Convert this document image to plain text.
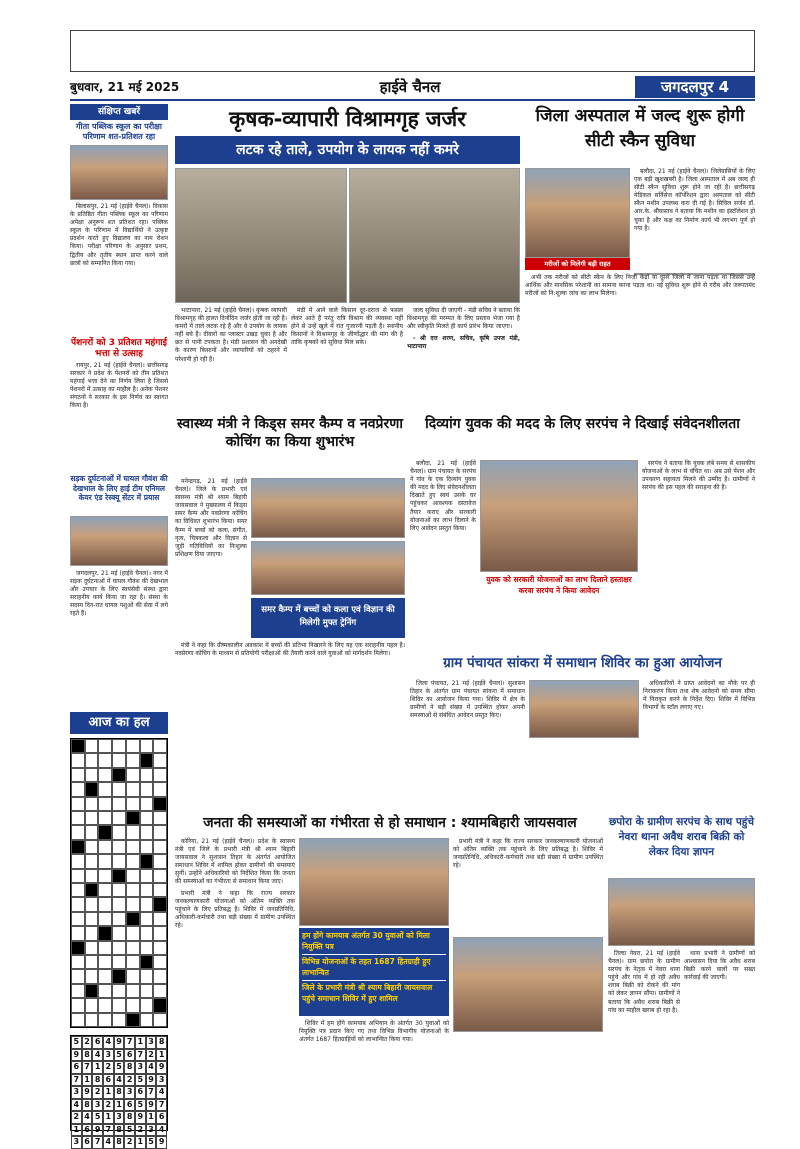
बुधवार, 21 मई 2025	हाईवे चैनल	जगदलपुर 4
संक्षिप्त खबरें
गीता पब्लिक स्कूल का परीक्षा परिणाम शत-प्रतिशत रहा

बिलासपुर, 21 मई (हाईवे चैनल)। विकास के प्रतिष्ठित गीता पब्लिक स्कूल का परिणाम अपेक्षा अनुरूप शत प्रतिशत रहा। पब्लिक स्कूल के परिणाम में विद्यार्थियों ने उत्कृष्ट प्रदर्शन करते हुए विद्यालय का नाम रोशन किया। परीक्षा परिणाम के अनुसार प्रथम, द्वितीय और तृतीय स्थान प्राप्त करने वाले छात्रों को सम्मानित किया गया।

पेंशनरों को 3 प्रतिशत महंगाई भत्ता से उत्साह

रायपुर, 21 मई (हाईवे चैनल)। छत्तीसगढ़ सरकार ने प्रदेश के पेंशनरों को तीन प्रतिशत महंगाई भत्ता देने का निर्णय लिया है जिससे पेंशनरों में उत्साह का माहौल है। अनेक पेंशनर संगठनों ने सरकार के इस निर्णय का स्वागत किया है।

सड़क दुर्घटनाओं में घायल गौवंश की देखभाल के लिए हाई टीम एनिमल केयर एंड रेस्क्यू सेंटर में प्रयास

जगदलपुर, 21 मई (हाईवे चैनल)। नगर में सड़क दुर्घटनाओं में घायल गौवंश की देखभाल और उपचार के लिए स्वयंसेवी संस्था द्वारा सराहनीय कार्य किया जा रहा है। संस्था के सदस्य दिन-रात घायल पशुओं की सेवा में लगे रहते हैं।

आज का हल
5 2 6 4 9 7 1 3 8
9 8 4 3 5 6 7 2 1
6 7 1 2 5 8 3 4 9
7 1 8 6 4 2 5 9 3
3 9 2 1 8 3 6 7 4
4 8 3 2 1 6 5 9 7
2 4 5 1 3 8 9 1 6
1 6 9 7 8 5 2 3 4
3 6 7 4 8 2 1 5 9
कृषक-व्यापारी विश्रामगृह जर्जर
लटक रहे ताले, उपयोग के लायक नहीं कमरे

भाटापारा, 21 मई (हाईवे चैनल)। कृषक व्यापारी विश्रामगृह की हालत दिनोंदिन जर्जर होती जा रही है। कमरों में ताले लटक रहे हैं और वे उपयोग के लायक नहीं बचे हैं। दीवारों का प्लास्टर उखड़ चुका है और छत से पानी टपकता है। मंडी प्रशासन की अनदेखी के कारण किसानों और व्यापारियों को ठहरने में परेशानी हो रही है।

मंडी में आने वाले किसान दूर-दराज से फसल लेकर आते हैं परंतु रात्रि विश्राम की व्यवस्था नहीं होने से उन्हें खुले में रात गुजारनी पड़ती है। स्थानीय किसानों ने विश्रामगृह के जीर्णोद्धार की मांग की है ताकि कृषकों को सुविधा मिल सके।

जल्द सुविधा दी जाएगी - मंडी सचिव ने बताया कि विश्रामगृह की मरम्मत के लिए प्रस्ताव भेजा गया है और स्वीकृति मिलते ही कार्य प्रारंभ किया जाएगा।

- श्री दत्त शरण, सचिव, कृषि उपज मंडी, भाटापारा

जिला अस्पताल में जल्द शुरू होगी सीटी स्कैन सुविधा
मरीजों को मिलेगी बड़ी राहत

बलौदा, 21 मई (हाईवे चैनल)। जिलेवासियों के लिए एक बड़ी खुशखबरी है। जिला अस्पताल में अब जल्द ही सीटी स्कैन सुविधा शुरू होने जा रही है। छत्तीसगढ़ मेडिकल सर्विसेज कॉर्पोरेशन द्वारा अस्पताल को सीटी स्कैन मशीन उपलब्ध करा दी गई है। सिविल सर्जन डॉ. आर.के. श्रीवास्तव ने बताया कि मशीन का इंस्टॉलेशन हो चुका है और कक्ष का निर्माण कार्य भी लगभग पूर्ण हो गया है।

अभी तक मरीजों को सीटी स्कैन के लिए निजी केंद्रों या दूसरे जिलों में जाना पड़ता था जिससे उन्हें आर्थिक और मानसिक परेशानी का सामना करना पड़ता था। नई सुविधा शुरू होने से गरीब और जरूरतमंद मरीजों को नि:शुल्क जांच का लाभ मिलेगा।

स्वास्थ्य मंत्री ने किड्स समर कैम्प व नवप्रेरणा कोचिंग का किया शुभारंभ

मनेन्द्रगढ़, 21 मई (हाईवे चैनल)। जिले के प्रभारी एवं स्वास्थ्य मंत्री श्री श्याम बिहारी जायसवाल ने मुख्यालय में किड्स समर कैम्प और नवप्रेरणा कोचिंग का विधिवत शुभारंभ किया। समर कैम्प में बच्चों को कला, संगीत, नृत्य, चित्रकला और विज्ञान से जुड़ी गतिविधियों का निःशुल्क प्रशिक्षण दिया जाएगा।

समर कैम्प में बच्चों को कला एवं विज्ञान की मिलेगी मुफ्त ट्रेनिंग

मंत्री ने कहा कि ग्रीष्मकालीन अवकाश में बच्चों की प्रतिभा निखारने के लिए यह एक सराहनीय पहल है। नवप्रेरणा कोचिंग के माध्यम से प्रतियोगी परीक्षाओं की तैयारी करने वाले युवाओं को मार्गदर्शन मिलेगा।

दिव्यांग युवक की मदद के लिए सरपंच ने दिखाई संवेदनशीलता

बलौदा, 21 मई (हाईवे चैनल)। ग्राम पंचायत के सरपंच ने गांव के एक दिव्यांग युवक की मदद के लिए संवेदनशीलता दिखाते हुए स्वयं उसके घर पहुंचकर आवश्यक दस्तावेज तैयार कराए और सरकारी योजनाओं का लाभ दिलाने के लिए आवेदन प्रस्तुत किया।

युवक को सरकारी योजनाओं का लाभ दिलाने हस्ताक्षर करवा सरपंच ने किया आवेदन

सरपंच ने बताया कि युवक लंबे समय से शासकीय योजनाओं के लाभ से वंचित था। अब उसे पेंशन और उपकरण सहायता मिलने की उम्मीद है। ग्रामीणों ने सरपंच की इस पहल की सराहना की है।

ग्राम पंचायत सांकरा में समाधान शिविर का हुआ आयोजन

जिला पंचायत, 21 मई (हाईवे चैनल)। सुशासन तिहार के अंतर्गत ग्राम पंचायत सांकरा में समाधान शिविर का आयोजन किया गया। शिविर में क्षेत्र के ग्रामीणों ने बड़ी संख्या में उपस्थित होकर अपनी समस्याओं से संबंधित आवेदन प्रस्तुत किए।

अधिकारियों ने प्राप्त आवेदनों का मौके पर ही निराकरण किया तथा शेष आवेदनों को समय सीमा में निराकृत करने के निर्देश दिए। शिविर में विभिन्न विभागों के स्टॉल लगाए गए।

जनता की समस्याओं का गंभीरता से हो समाधान : श्यामबिहारी जायसवाल

कोरिया, 21 मई (हाईवे चैनल)। प्रदेश के स्वास्थ्य मंत्री एवं जिले के प्रभारी मंत्री श्री श्याम बिहारी जायसवाल ने सुशासन तिहार के अंतर्गत आयोजित समाधान शिविर में शामिल होकर ग्रामीणों की समस्याएं सुनीं। उन्होंने अधिकारियों को निर्देशित किया कि जनता की समस्याओं का गंभीरता से समाधान किया जाए।

प्रभारी मंत्री ने कहा कि राज्य सरकार जनकल्याणकारी योजनाओं को अंतिम व्यक्ति तक पहुंचाने के लिए प्रतिबद्ध है। शिविर में जनप्रतिनिधि, अधिकारी-कर्मचारी तथा बड़ी संख्या में ग्रामीण उपस्थित रहे।

हम होंगे कामयाब अंतर्गत 30 युवाओं को मिला नियुक्ति पत्र
विभिन्न योजनाओं के तहत 1687 हितग्राही हुए लाभान्वित
जिले के प्रभारी मंत्री श्री श्याम बिहारी जायसवाल पहुंचे समाधान शिविर में हुए शामिल

शिविर में हम होंगे कामयाब अभियान के अंतर्गत 30 युवाओं को नियुक्ति पत्र प्रदान किए गए तथा विभिन्न विभागीय योजनाओं के अंतर्गत 1687 हितग्राहियों को लाभान्वित किया गया।

प्रभारी मंत्री ने कहा कि राज्य सरकार जनकल्याणकारी योजनाओं को अंतिम व्यक्ति तक पहुंचाने के लिए प्रतिबद्ध है। शिविर में जनप्रतिनिधि, अधिकारी-कर्मचारी तथा बड़ी संख्या में ग्रामीण उपस्थित रहे।

छपोरा के ग्रामीण सरपंच के साथ पहुंचे नेवरा थाना अवैध शराब बिक्री को लेकर दिया ज्ञापन

तिल्दा नेवरा, 21 मई (हाईवे चैनल)। ग्राम छपोरा के ग्रामीण सरपंच के नेतृत्व में नेवरा थाना पहुंचे और गांव में हो रही अवैध शराब बिक्री को रोकने की मांग को लेकर ज्ञापन सौंपा। ग्रामीणों ने बताया कि अवैध शराब बिक्री से गांव का माहौल खराब हो रहा है।

थाना प्रभारी ने ग्रामीणों को आश्वासन दिया कि अवैध शराब बिक्री करने वालों पर सख्त कार्रवाई की जाएगी।
